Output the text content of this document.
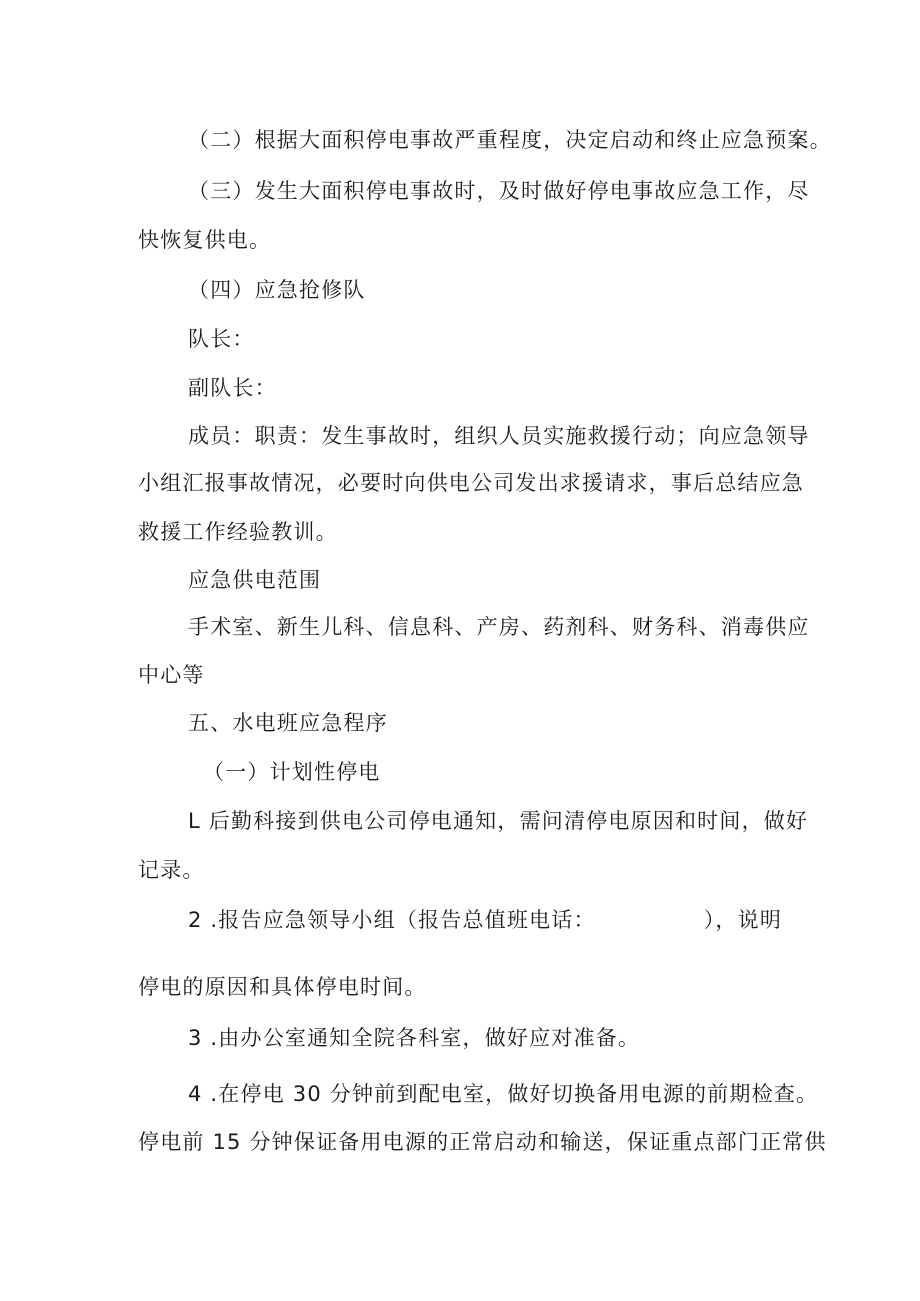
（二）根据大面积停电事故严重程度，决定启动和终止应急预案。
（三）发生大面积停电事故时，及时做好停电事故应急工作，尽
快恢复供电。
（四）应急抢修队
队长：
副队长：
成员：职责：发生事故时，组织人员实施救援行动；向应急领导
小组汇报事故情况，必要时向供电公司发出求援请求，事后总结应急
救援工作经验教训。
应急供电范围
手术室、新生儿科、信息科、产房、药剂科、财务科、消毒供应
中心等
五、水电班应急程序
（一）计划性停电
L 后勤科接到供电公司停电通知，需问清停电原因和时间，做好
记录。
2 .报告应急领导小组（报告总值班电话：	），说明
停电的原因和具体停电时间。
3 .由办公室通知全院各科室，做好应对准备。
4 .在停电 30 分钟前到配电室，做好切换备用电源的前期检查。
停电前 15 分钟保证备用电源的正常启动和输送，保证重点部门正常供
